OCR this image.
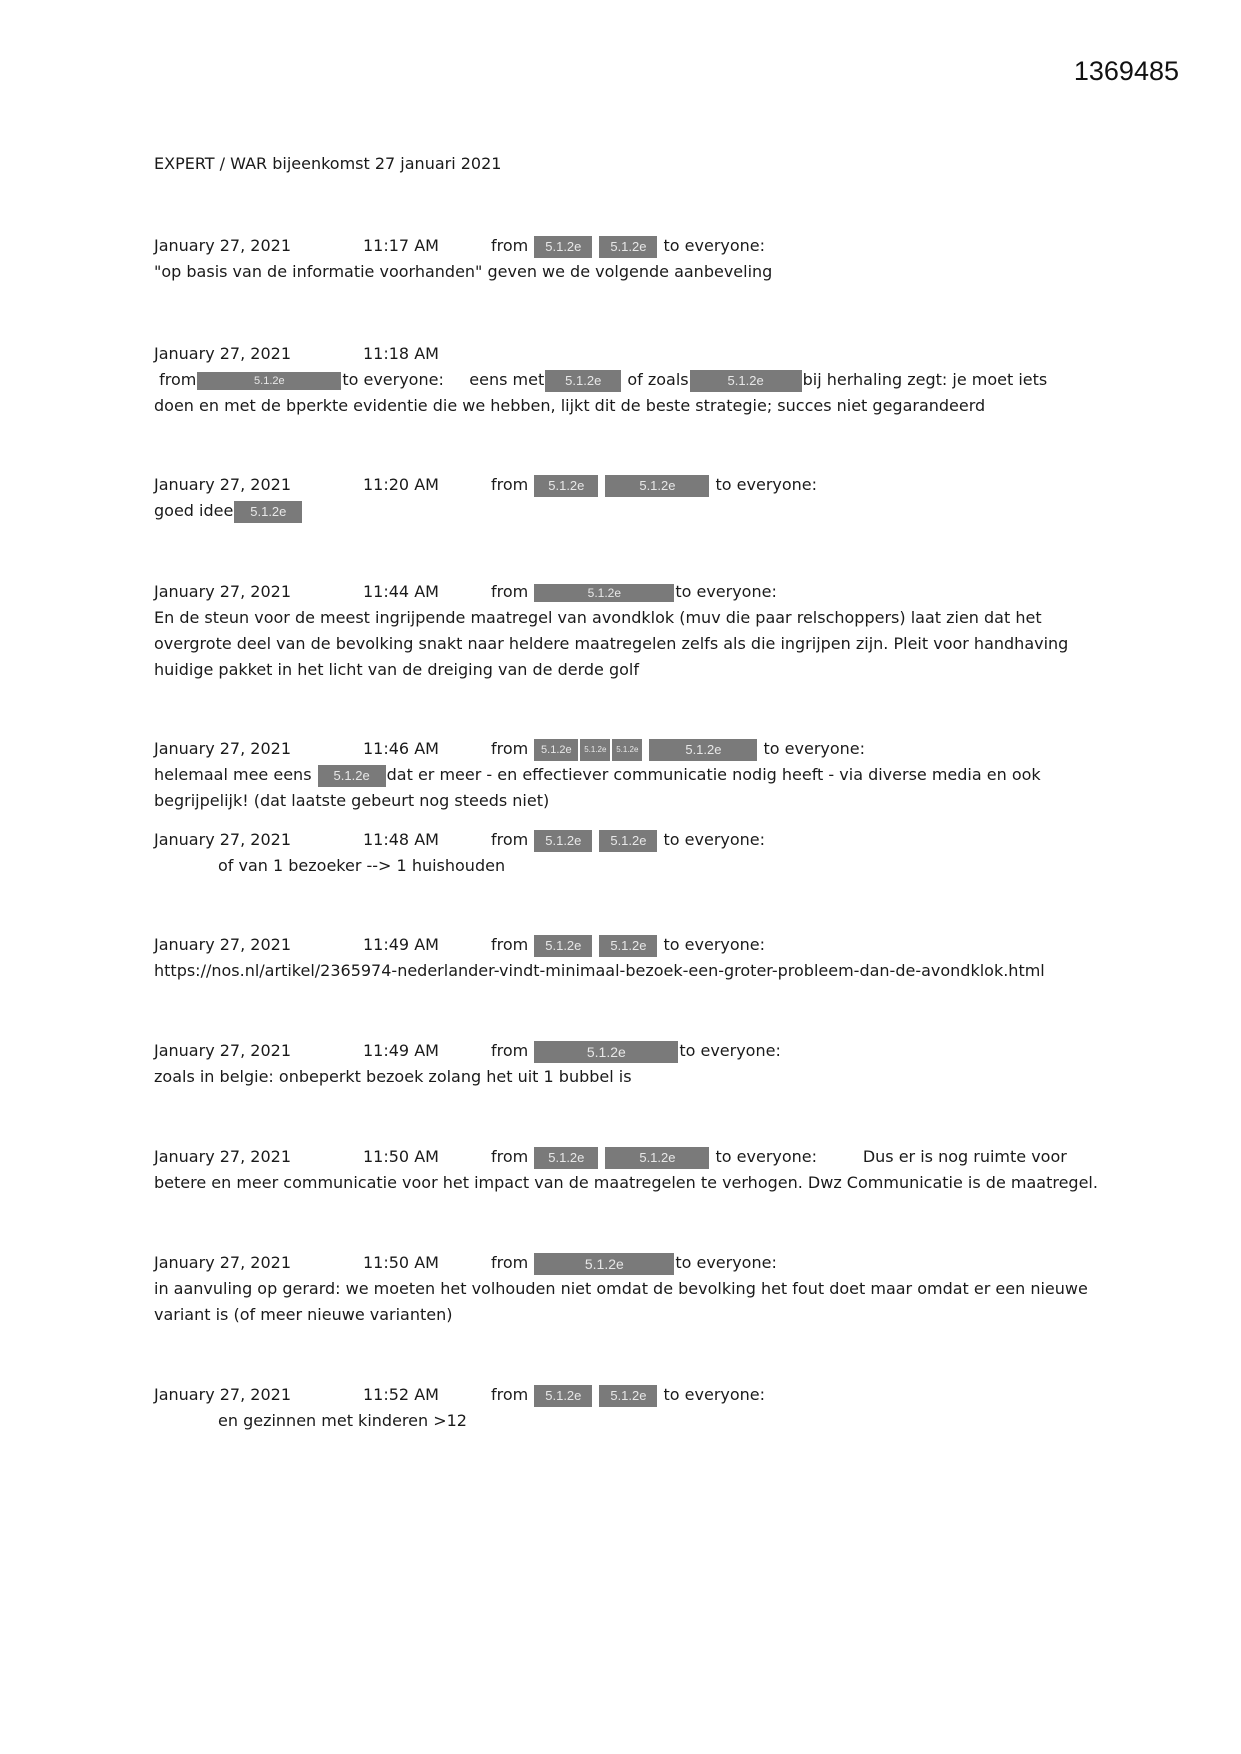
1369485
EXPERT / WAR bijeenkomst 27 januari 2021
January 27, 2021	11:17 AM	from 5.1.2e 5.1.2e to everyone:
"op basis van de informatie voorhanden" geven we de volgende aanbeveling
January 27, 2021	11:18 AM
from	5.1.2e	to everyone: eens met 5.1.2e of zoals	5.1.2e bij herhaling zegt: je moet iets
doen en met de bperkte evidentie die we hebben, lijkt dit de beste strategie; succes niet gegarandeerd
January 27, 2021	11:20 AM	from 5.1.2e	5.1.2e	to everyone:
goed idee 5.1.2e
January 27, 2021	11:44 AM	from	5.1.2e	to everyone:
En de steun voor de meest ingrijpende maatregel van avondklok (muv die paar relschoppers) laat zien dat het overgrote deel van de bevolking snakt naar heldere maatregelen zelfs als die ingrijpen zijn. Pleit voor handhaving huidige pakket in het licht van de dreiging van de derde golf
January 27, 2021	11:46 AM	from 5.1.2e 5.1.2e 5.1.2e	5.1.2e	to everyone:
helemaal mee eens 5.1.2e dat er meer - en effectiever communicatie nodig heeft - via diverse media en ook
begrijpelijk! (dat laatste gebeurt nog steeds niet)
January 27, 2021	11:48 AM	from 5.1.2e 5.1.2e to everyone:
of van 1 bezoeker --> 1 huishouden
January 27, 2021	11:49 AM	from 5.1.2e 5.1.2e to everyone:
https://nos.nl/artikel/2365974-nederlander-vindt-minimaal-bezoek-een-groter-probleem-dan-de-avondklok.html
January 27, 2021	11:49 AM	from	5.1.2e	to everyone:
zoals in belgie: onbeperkt bezoek zolang het uit 1 bubbel is
January 27, 2021	11:50 AM	from 5.1.2e	5.1.2e	to everyone:	Dus er is nog ruimte voor
betere en meer communicatie voor het impact van de maatregelen te verhogen. Dwz Communicatie is de maatregel.
January 27, 2021	11:50 AM	from	5.1.2e	to everyone:
in aanvuling op gerard: we moeten het volhouden niet omdat de bevolking het fout doet maar omdat er een nieuwe variant is (of meer nieuwe varianten)
January 27, 2021	11:52 AM	from 5.1.2e 5.1.2e to everyone:
en gezinnen met kinderen >12
